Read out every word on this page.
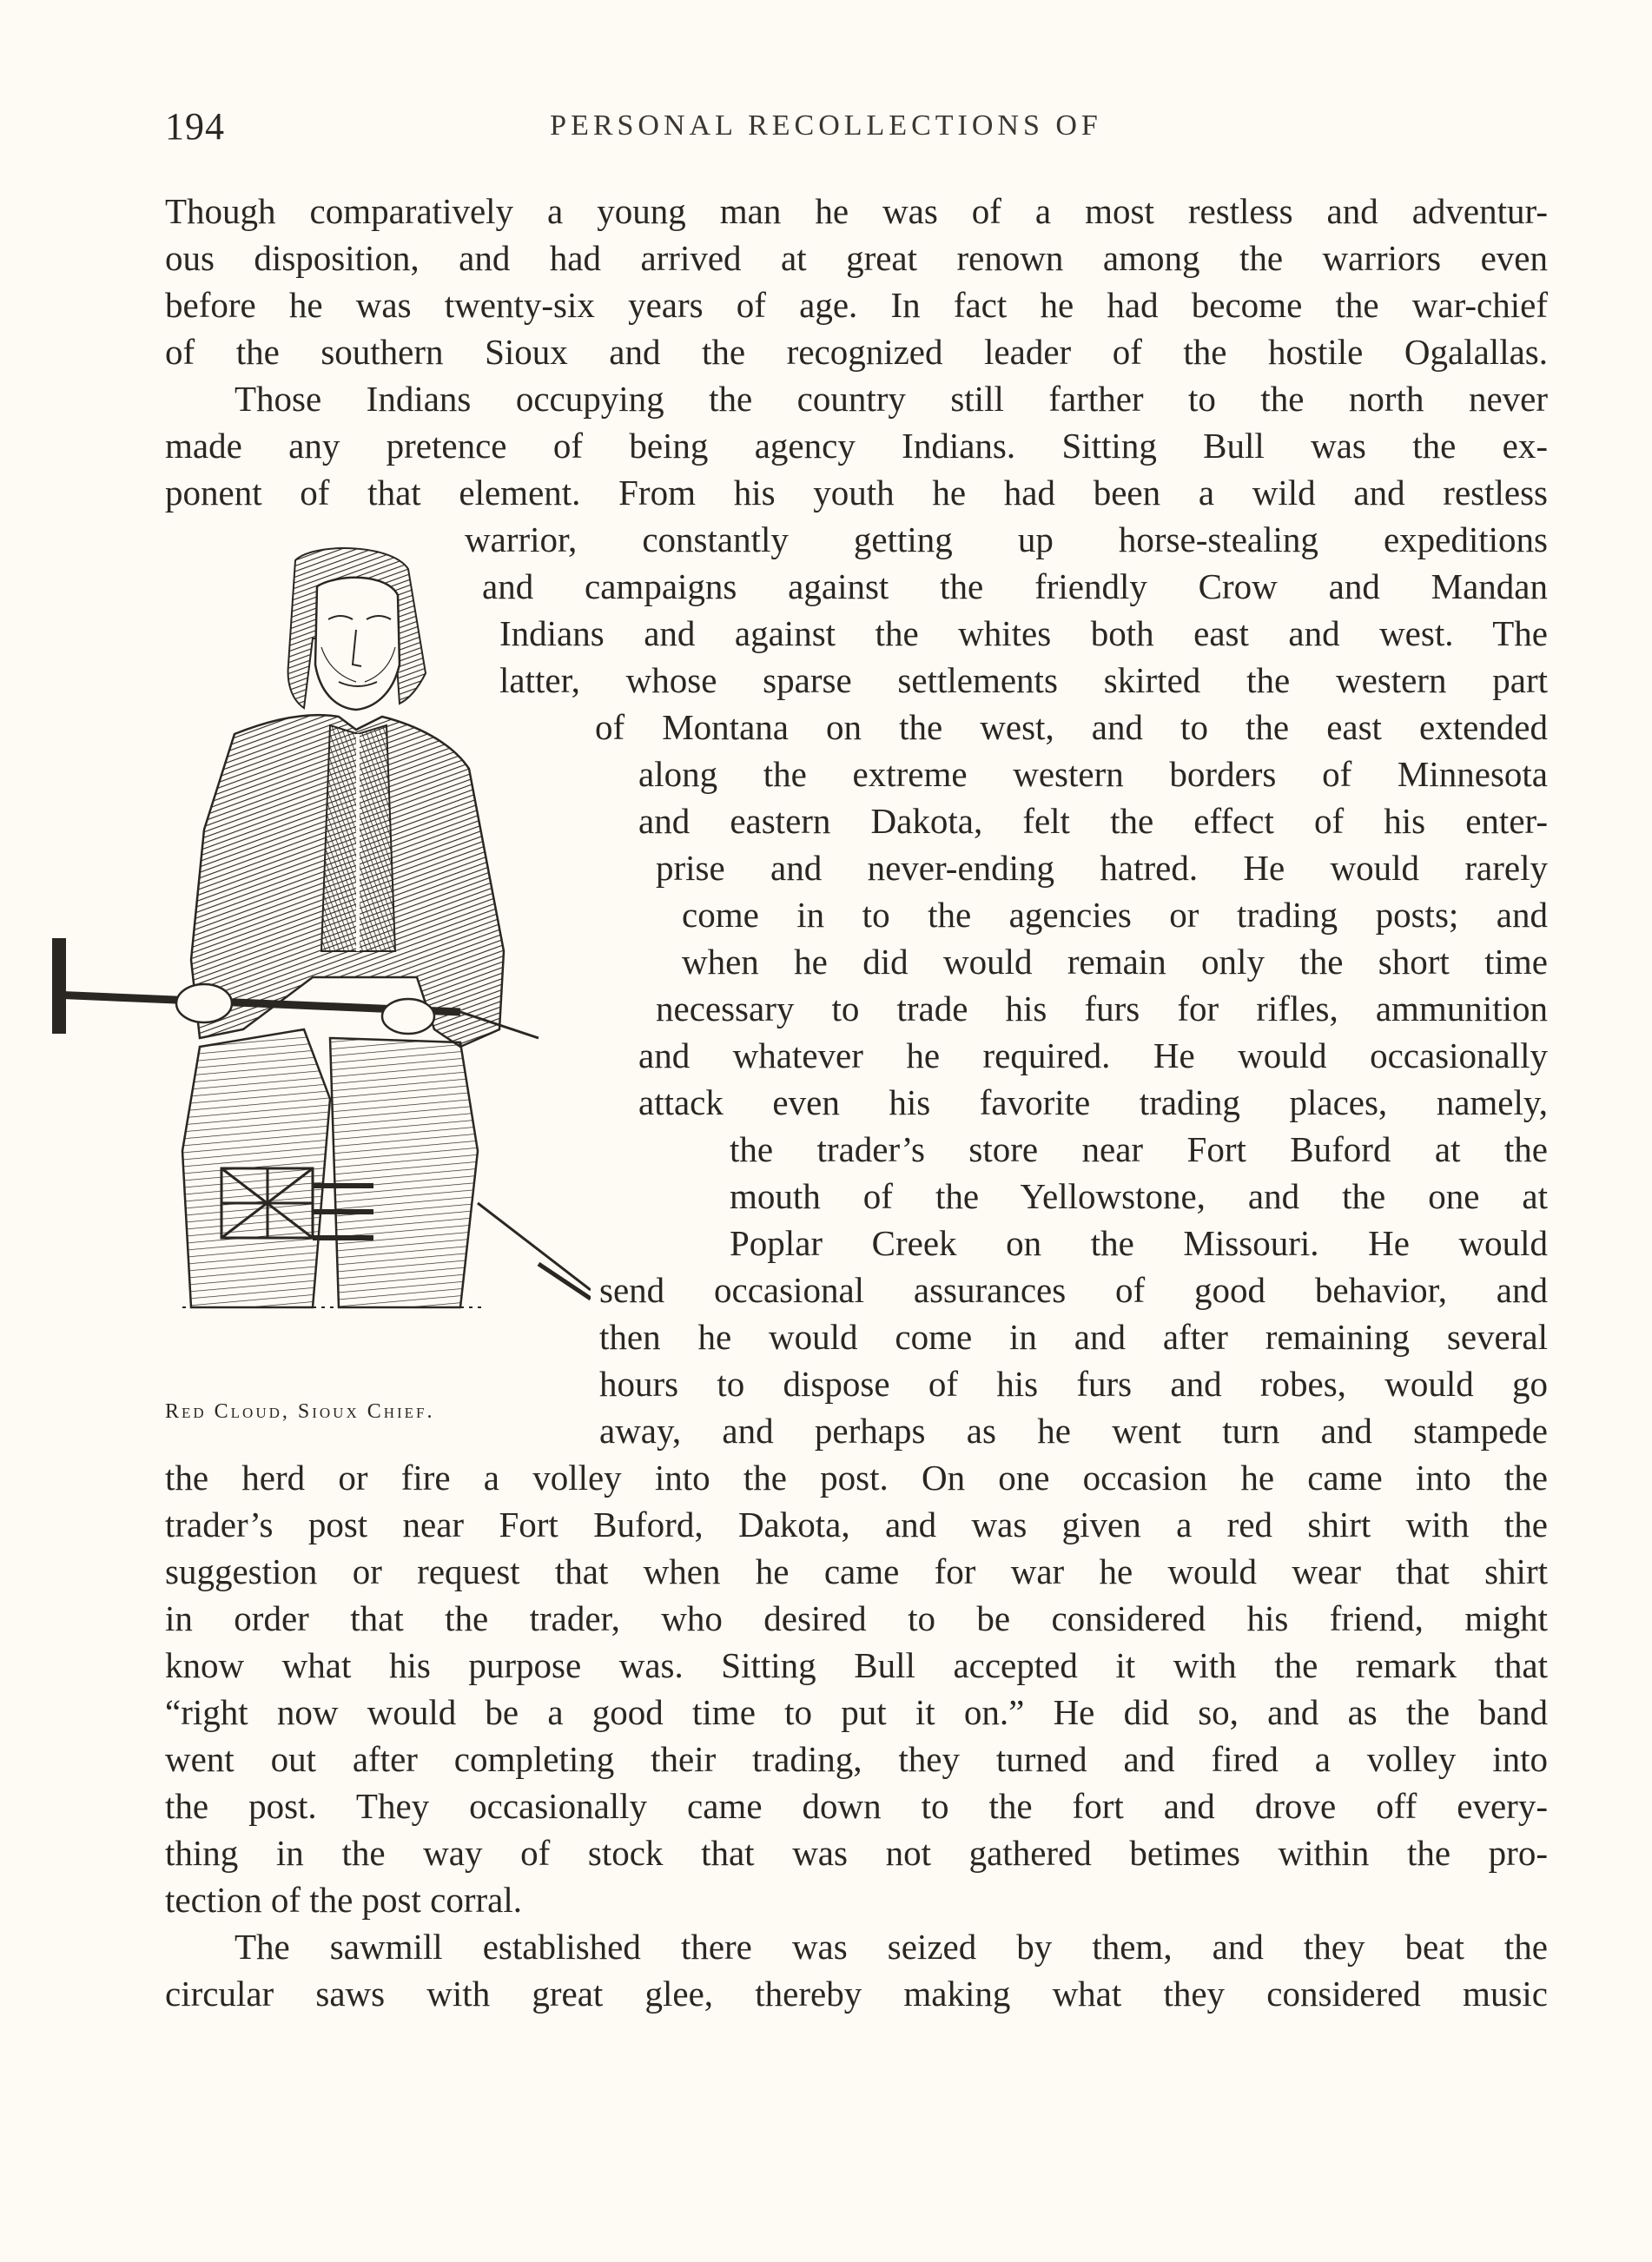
194	PERSONAL RECOLLECTIONS OF
Red Cloud, Sioux Chief.
Though comparatively a young man he was of a most restless and adventur-
ous disposition, and had arrived at great renown among the warriors even
before he was twenty-six years of age. In fact he had become the war-chief
of the southern Sioux and the recognized leader of the hostile Ogalallas.
Those Indians occupying the country still farther to the north never
made any pretence of being agency Indians. Sitting Bull was the ex-
ponent of that element. From his youth he had been a wild and restless
warrior, constantly getting up horse-stealing expeditions
and campaigns against the friendly Crow and Mandan
Indians and against the whites both east and west. The
latter, whose sparse settlements skirted the western part
of Montana on the west, and to the east extended
along the extreme western borders of Minnesota
and eastern Dakota, felt the effect of his enter-
prise and never-ending hatred. He would rarely
come in to the agencies or trading posts; and
when he did would remain only the short time
necessary to trade his furs for rifles, ammunition
and whatever he required. He would occasionally
attack even his favorite trading places, namely,
the trader’s store near Fort Buford at the
mouth of the Yellowstone, and the one at
Poplar Creek on the Missouri. He would
send occasional assurances of good behavior, and
then he would come in and after remaining several
hours to dispose of his furs and robes, would go
away, and perhaps as he went turn and stampede
the herd or fire a volley into the post. On one occasion he came into the
trader’s post near Fort Buford, Dakota, and was given a red shirt with the
suggestion or request that when he came for war he would wear that shirt
in order that the trader, who desired to be considered his friend, might
know what his purpose was. Sitting Bull accepted it with the remark that
“right now would be a good time to put it on.” He did so, and as the band
went out after completing their trading, they turned and fired a volley into
the post. They occasionally came down to the fort and drove off every-
thing in the way of stock that was not gathered betimes within the pro-
tection of the post corral.
The sawmill established there was seized by them, and they beat the
circular saws with great glee, thereby making what they considered music
